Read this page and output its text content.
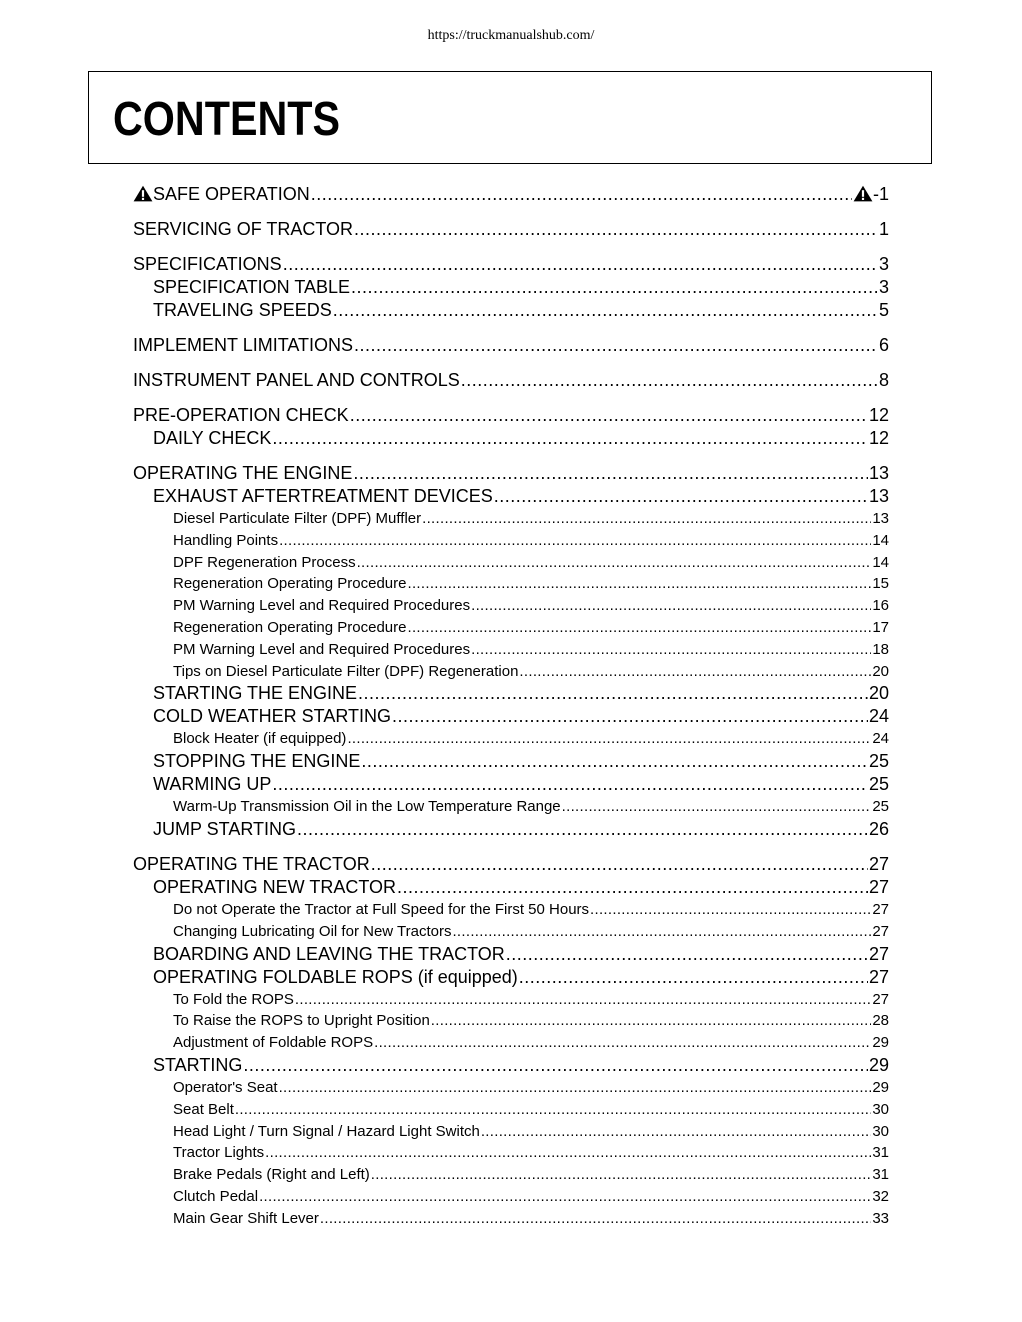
https://truckmanualshub.com/
CONTENTS
SAFE OPERATION .....	-1
SERVICING OF TRACTOR .....	1
SPECIFICATIONS .....	3
SPECIFICATION TABLE .....	3
TRAVELING SPEEDS .....	5
IMPLEMENT LIMITATIONS .....	6
INSTRUMENT PANEL AND CONTROLS .....	8
PRE-OPERATION CHECK .....	12
DAILY CHECK .....	12
OPERATING THE ENGINE .....	13
EXHAUST AFTERTREATMENT DEVICES .....	13
Diesel Particulate Filter (DPF) Muffler .....	13
Handling Points .....	14
DPF Regeneration Process .....	14
Regeneration Operating Procedure .....	15
PM Warning Level and Required Procedures .....	16
Regeneration Operating Procedure .....	17
PM Warning Level and Required Procedures .....	18
Tips on Diesel Particulate Filter (DPF) Regeneration .....	20
STARTING THE ENGINE .....	20
COLD WEATHER STARTING .....	24
Block Heater (if equipped) .....	24
STOPPING THE ENGINE .....	25
WARMING UP .....	25
Warm-Up Transmission Oil in the Low Temperature Range .....	25
JUMP STARTING .....	26
OPERATING THE TRACTOR .....	27
OPERATING NEW TRACTOR .....	27
Do not Operate the Tractor at Full Speed for the First 50 Hours .....	27
Changing Lubricating Oil for New Tractors .....	27
BOARDING AND LEAVING THE TRACTOR .....	27
OPERATING FOLDABLE ROPS (if equipped) .....	27
To Fold the ROPS .....	27
To Raise the ROPS to Upright Position .....	28
Adjustment of Foldable ROPS .....	29
STARTING .....	29
Operator's Seat .....	29
Seat Belt .....	30
Head Light / Turn Signal / Hazard Light Switch .....	30
Tractor Lights .....	31
Brake Pedals (Right and Left) .....	31
Clutch Pedal .....	32
Main Gear Shift Lever .....	33
